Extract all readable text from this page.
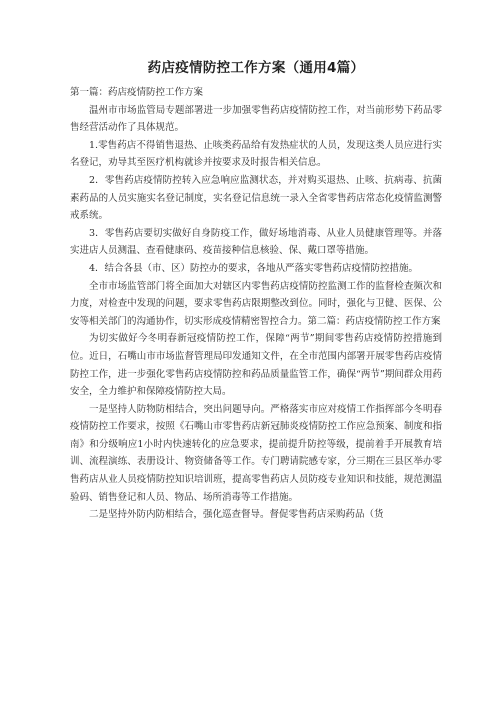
药店疫情防控工作方案（通用4篇）

第一篇：药店疫情防控工作方案

温州市市场监管局专题部署进一步加强零售药店疫情防控工作，对当前形势下药品零售经营活动作了具体规范。

1.零售药店不得销售退热、止咳类药品给有发热症状的人员，发现这类人员应进行实名登记，劝导其至医疗机构就诊并按要求及时报告相关信息。

2．零售药店疫情防控转入应急响应监测状态，并对购买退热、止咳、抗病毒、抗菌素药品的人员实施实名登记制度，实名登记信息统一录入全省零售药店常态化疫情监测警戒系统。

3．零售药店要切实做好自身防疫工作，做好场地消毒、从业人员健康管理等。并落实进店人员测温、查看健康码、疫苗接种信息核验、保、戴口罩等措施。

4．结合各县（市、区）防控办的要求，各地从严落实零售药店疫情防控措施。

全市市场监管部门将全面加大对辖区内零售药店疫情防控监测工作的监督检查频次和力度，对检查中发现的问题，要求零售药店限期整改到位。同时，强化与卫健、医保、公安等相关部门的沟通协作，切实形成疫情精密智控合力。第二篇：药店疫情防控工作方案

为切实做好今冬明春新冠疫情防控工作，保障“两节”期间零售药店疫情防控措施到位。近日，石嘴山市市场监督管理局印发通知文件，在全市范围内部署开展零售药店疫情防控工作，进一步强化零售药店疫情防控和药品质量监管工作，确保“两节”期间群众用药安全，全力维护和保障疫情防控大局。

一是坚持人防物防相结合，突出问题导向。严格落实市应对疫情工作指挥部今冬明春疫情防控工作要求，按照《石嘴山市零售药店新冠肺炎疫情防控工作应急预案、制度和指南》和分级响应1小时内快速转化的应急要求，提前提升防控等级，提前着手开展教育培训、流程演练、表册设计、物资储备等工作。专门聘请院感专家，分三期在三县区举办零售药店从业人员疫情防控知识培训班，提高零售药店人员防疫专业知识和技能，规范测温验码、销售登记和人员、物品、场所消毒等工作措施。

二是坚持外防内防相结合，强化巡查督导。督促零售药店采购药品（货
